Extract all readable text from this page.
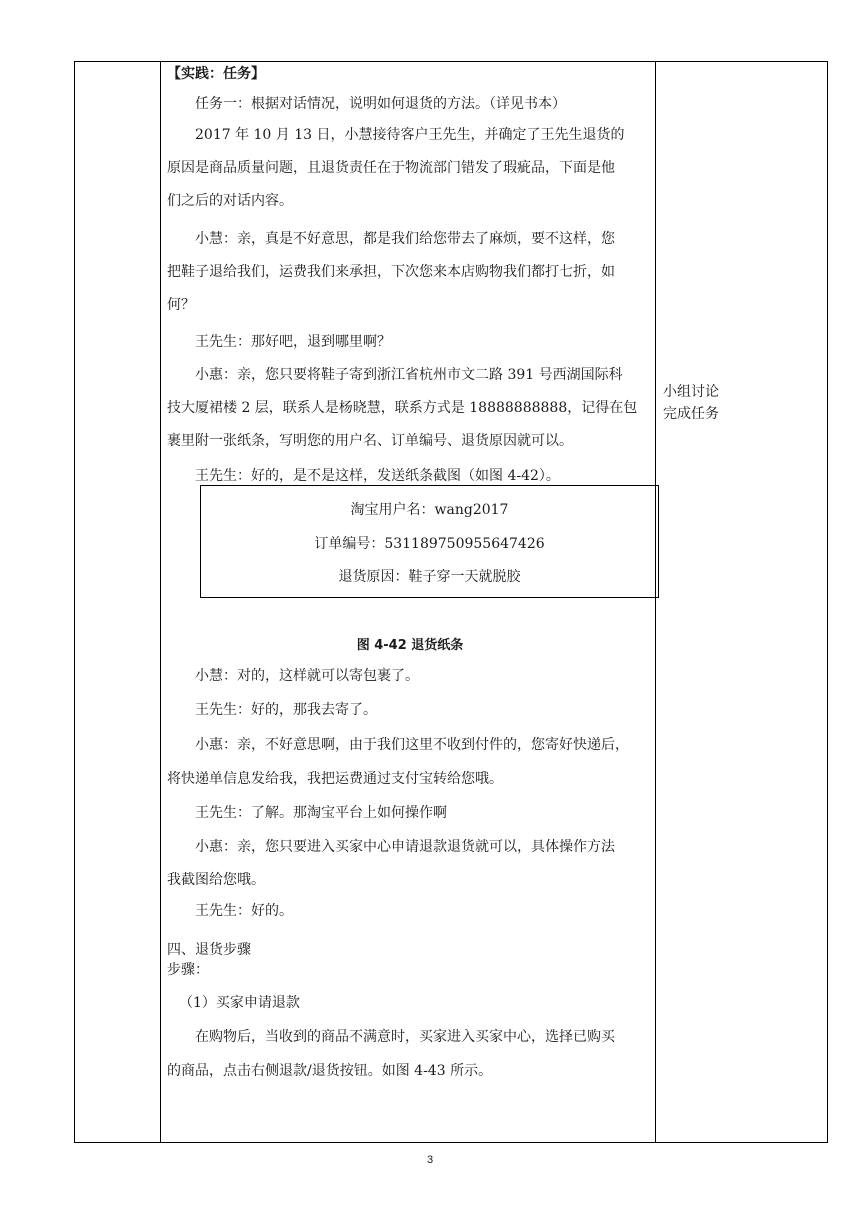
【实践：任务】

任务一：根据对话情况，说明如何退货的方法。（详见书本）

2017 年 10 月 13 日，小慧接待客户王先生，并确定了王先生退货的

原因是商品质量问题，且退货责任在于物流部门错发了瑕疵品，下面是他

们之后的对话内容。

小慧：亲，真是不好意思，都是我们给您带去了麻烦，要不这样，您

把鞋子退给我们，运费我们来承担，下次您来本店购物我们都打七折，如

何？

王先生：那好吧，退到哪里啊？

小惠：亲，您只要将鞋子寄到浙江省杭州市文二路 391 号西湖国际科

技大厦裙楼 2 层，联系人是杨晓慧，联系方式是 18888888888，记得在包

裹里附一张纸条，写明您的用户名、订单编号、退货原因就可以。

王先生：好的，是不是这样，发送纸条截图（如图 4-42）。

淘宝用户名：wang2017
订单编号：531189750955647426
退货原因：鞋子穿一天就脱胶
图 4-42 退货纸条

小慧：对的，这样就可以寄包裹了。

王先生：好的，那我去寄了。

小惠：亲，不好意思啊，由于我们这里不收到付件的，您寄好快递后，

将快递单信息发给我，我把运费通过支付宝转给您哦。

王先生：了解。那淘宝平台上如何操作啊

小惠：亲，您只要进入买家中心申请退款退货就可以，具体操作方法

我截图给您哦。

王先生：好的。

四、退货步骤

步骤：

（1）买家申请退款

在购物后，当收到的商品不满意时，买家进入买家中心，选择已购买

的商品，点击右侧退款/退货按钮。如图 4-43 所示。

小组讨论
完成任务
3
